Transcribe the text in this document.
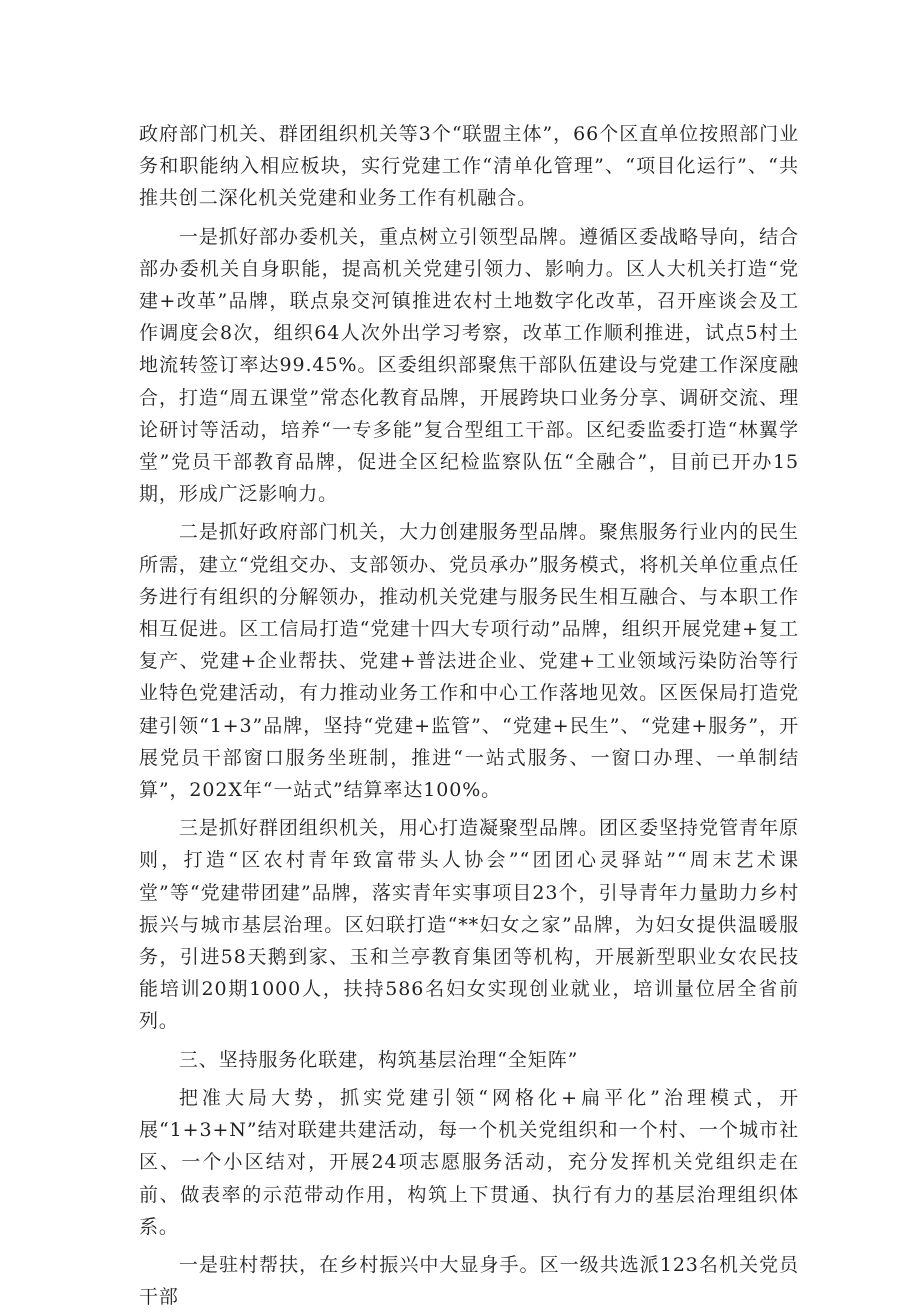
政府部门机关、群团组织机关等3个“联盟主体”，66个区直单位按照部门业务和职能纳入相应板块，实行党建工作“清单化管理”、“项目化运行”、“共推共创二深化机关党建和业务工作有机融合。

一是抓好部办委机关，重点树立引领型品牌。遵循区委战略导向，结合部办委机关自身职能，提高机关党建引领力、影响力。区人大机关打造“党建+改革”品牌，联点泉交河镇推进农村土地数字化改革，召开座谈会及工作调度会8次，组织64人次外出学习考察，改革工作顺利推进，试点5村土地流转签订率达99.45%。区委组织部聚焦干部队伍建设与党建工作深度融合，打造“周五课堂”常态化教育品牌，开展跨块口业务分享、调研交流、理论研讨等活动，培养“一专多能”复合型组工干部。区纪委监委打造“林翼学堂”党员干部教育品牌，促进全区纪检监察队伍“全融合”，目前已开办15期，形成广泛影响力。

二是抓好政府部门机关，大力创建服务型品牌。聚焦服务行业内的民生所需，建立“党组交办、支部领办、党员承办”服务模式，将机关单位重点任务进行有组织的分解领办，推动机关党建与服务民生相互融合、与本职工作相互促进。区工信局打造“党建十四大专项行动”品牌，组织开展党建+复工复产、党建+企业帮扶、党建+普法进企业、党建+工业领域污染防治等行业特色党建活动，有力推动业务工作和中心工作落地见效。区医保局打造党建引领“1+3”品牌，坚持“党建+监管”、“党建+民生”、“党建+服务”，开展党员干部窗口服务坐班制，推进“一站式服务、一窗口办理、一单制结算”，202X年“一站式”结算率达100%。

三是抓好群团组织机关，用心打造凝聚型品牌。团区委坚持党管青年原则，打造“区农村青年致富带头人协会”“团团心灵驿站”“周末艺术课堂”等“党建带团建”品牌，落实青年实事项目23个，引导青年力量助力乡村振兴与城市基层治理。区妇联打造“**妇女之家”品牌，为妇女提供温暖服务，引进58天鹅到家、玉和兰亭教育集团等机构，开展新型职业女农民技能培训20期1000人，扶持586名妇女实现创业就业，培训量位居全省前列。

三、坚持服务化联建，构筑基层治理“全矩阵”

把准大局大势，抓实党建引领“网格化+扁平化”治理模式，开展“1+3+N”结对联建共建活动，每一个机关党组织和一个村、一个城市社区、一个小区结对，开展24项志愿服务活动，充分发挥机关党组织走在前、做表率的示范带动作用，构筑上下贯通、执行有力的基层治理组织体系。

一是驻村帮扶，在乡村振兴中大显身手。区一级共选派123名机关党员干部
